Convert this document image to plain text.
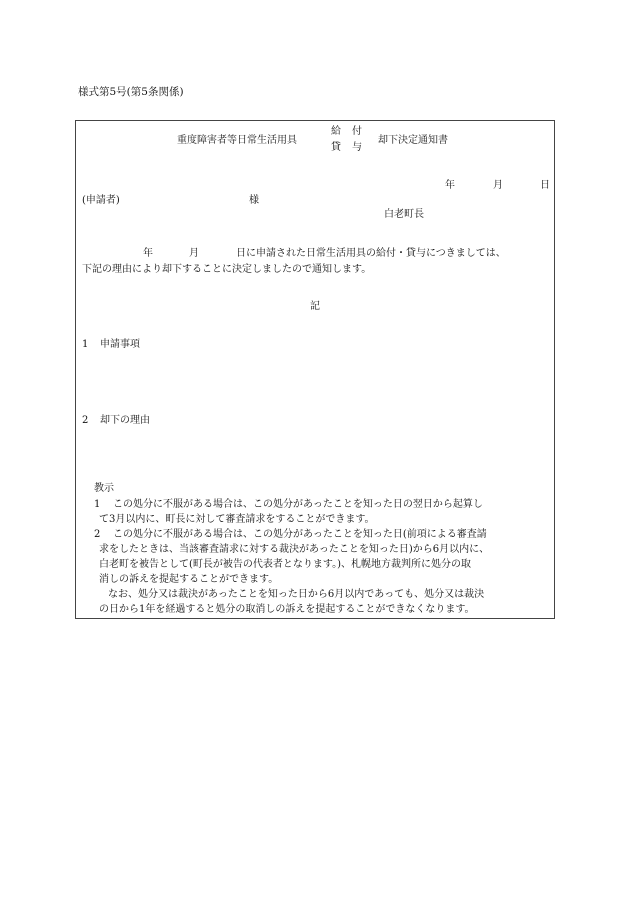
様式第5号(第5条関係)
重度障害者等日常生活用具
給 付
貸 与
却下決定通知書
年	月	日
(申請者)	様
白老町長
年	月	日に申請された日常生活用具の給付・貸与につきましては、
下記の理由により却下することに決定しましたので通知します。
記
1 申請事項
2 却下の理由
教示
1 この処分に不服がある場合は、この処分があったことを知った日の翌日から起算し
て3月以内に、町長に対して審査請求をすることができます。
2 この処分に不服がある場合は、この処分があったことを知った日(前項による審査請
求をしたときは、当該審査請求に対する裁決があったことを知った日)から6月以内に、
白老町を被告として(町長が被告の代表者となります。)、札幌地方裁判所に処分の取
消しの訴えを提起することができます。
なお、処分又は裁決があったことを知った日から6月以内であっても、処分又は裁決
の日から1年を経過すると処分の取消しの訴えを提起することができなくなります。
